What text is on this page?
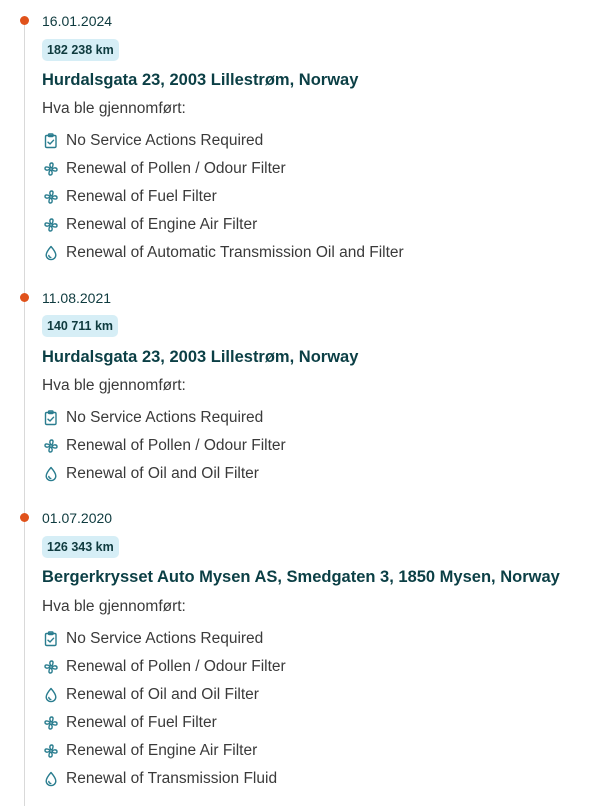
16.01.2024
182 238 km
Hurdalsgata 23, 2003 Lillestrøm, Norway
Hva ble gjennomført:
No Service Actions Required
Renewal of Pollen / Odour Filter
Renewal of Fuel Filter
Renewal of Engine Air Filter
Renewal of Automatic Transmission Oil and Filter
11.08.2021
140 711 km
Hurdalsgata 23, 2003 Lillestrøm, Norway
Hva ble gjennomført:
No Service Actions Required
Renewal of Pollen / Odour Filter
Renewal of Oil and Oil Filter
01.07.2020
126 343 km
Bergerkrysset Auto Mysen AS, Smedgaten 3, 1850 Mysen, Norway
Hva ble gjennomført:
No Service Actions Required
Renewal of Pollen / Odour Filter
Renewal of Oil and Oil Filter
Renewal of Fuel Filter
Renewal of Engine Air Filter
Renewal of Transmission Fluid
